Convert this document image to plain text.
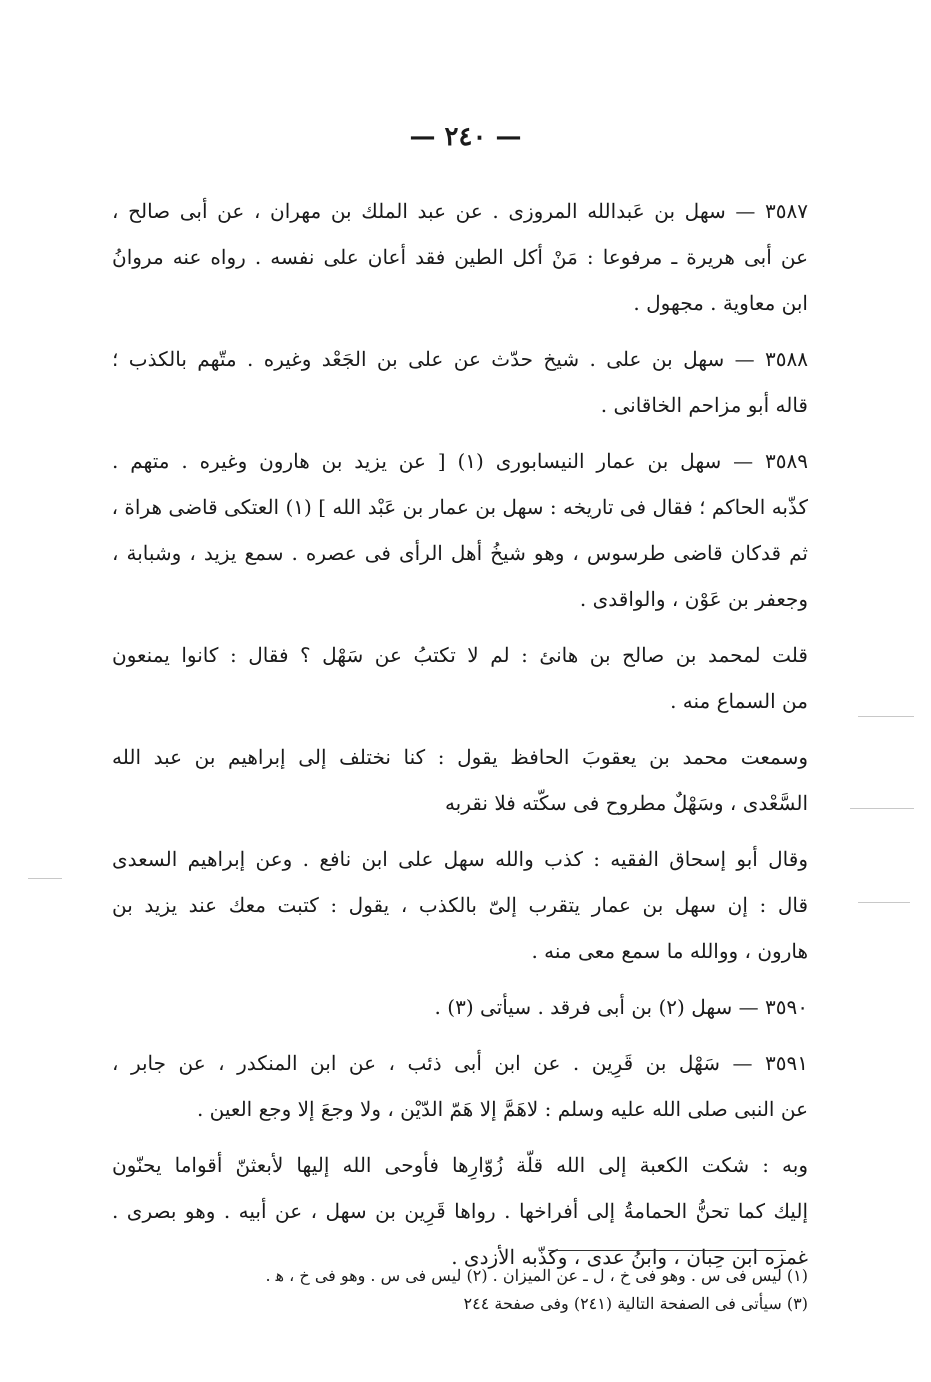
— ٢٤٠ —
٣٥٨٧ — سهل بن عَبدالله المروزى . عن عبد الملك بن مهران ، عن أبى صالح ،
عن أبى هريرة ـ مرفوعا : مَنْ أكل الطين فقد أعان على نفسه . رواه عنه مروانُ
ابن معاوية . مجهول .
٣٥٨٨ — سهل بن على . شيخ حدّث عن على بن الجَعْد وغيره . متّهم بالكذب ؛
قاله أبو مزاحم الخاقانى .
٣٥٨٩ — سهل بن عمار النيسابورى (١) [ عن يزيد بن هارون وغيره . متهم .
كذّبه الحاكم ؛ فقال فى تاريخه : سهل بن عمار بن عَبْد الله ] (١) العتكى قاضى هراة ،
ثم قدكان قاضى طرسوس ، وهو شيخُ أهل الرأى فى عصره . سمع يزيد ، وشبابة ،
وجعفر بن عَوْن ، والواقدى .
قلت لمحمد بن صالح بن هانئ : لم لا تكتبُ عن سَهْل ؟ فقال : كانوا يمنعون
من السماع منه .
وسمعت محمد بن يعقوبَ الحافظ يقول : كنا نختلف إلى إبراهيم بن عبد الله
السَّعْدى ، وسَهْلٌ مطروح فى سكّته فلا نقربه
وقال أبو إسحاق الفقيه : كذب والله سهل على ابن نافع . وعن إبراهيم السعدى
قال : إن سهل بن عمار يتقرب إلىّ بالكذب ، يقول : كتبت معك عند يزيد بن
هارون ، ووالله ما سمع معى منه .
٣٥٩٠ — سهل (٢) بن أبى فرقد . سيأتى (٣) .
٣٥٩١ — سَهْل بن قَرِين . عن ابن أبى ذئب ، عن ابن المنكدر ، عن جابر ،
عن النبى صلى الله عليه وسلم : لاهَمَّ إلا هَمّ الدّيْن ، ولا وجعَ إلا وجع العين .
وبه : شكت الكعبة إلى الله قلّة زُوّارِها فأوحى الله إليها لأبعثنّ أقواما يحنّون
إليك كما تحنُّ الحمامةُ إلى أفراخها . رواها قَرِين بن سهل ، عن أبيه . وهو بصرى .
غمزه ابن حِبان ، وابنُ عدى ، وكذّبه الأزدى .
(١) ليس فى س . وهو فى خ ، ل ـ عن الميزان . (٢) ليس فى س . وهو فى خ ، ﻫ .
(٣) سيأتى فى الصفحة التالية (٢٤١) وفى صفحة ٢٤٤
